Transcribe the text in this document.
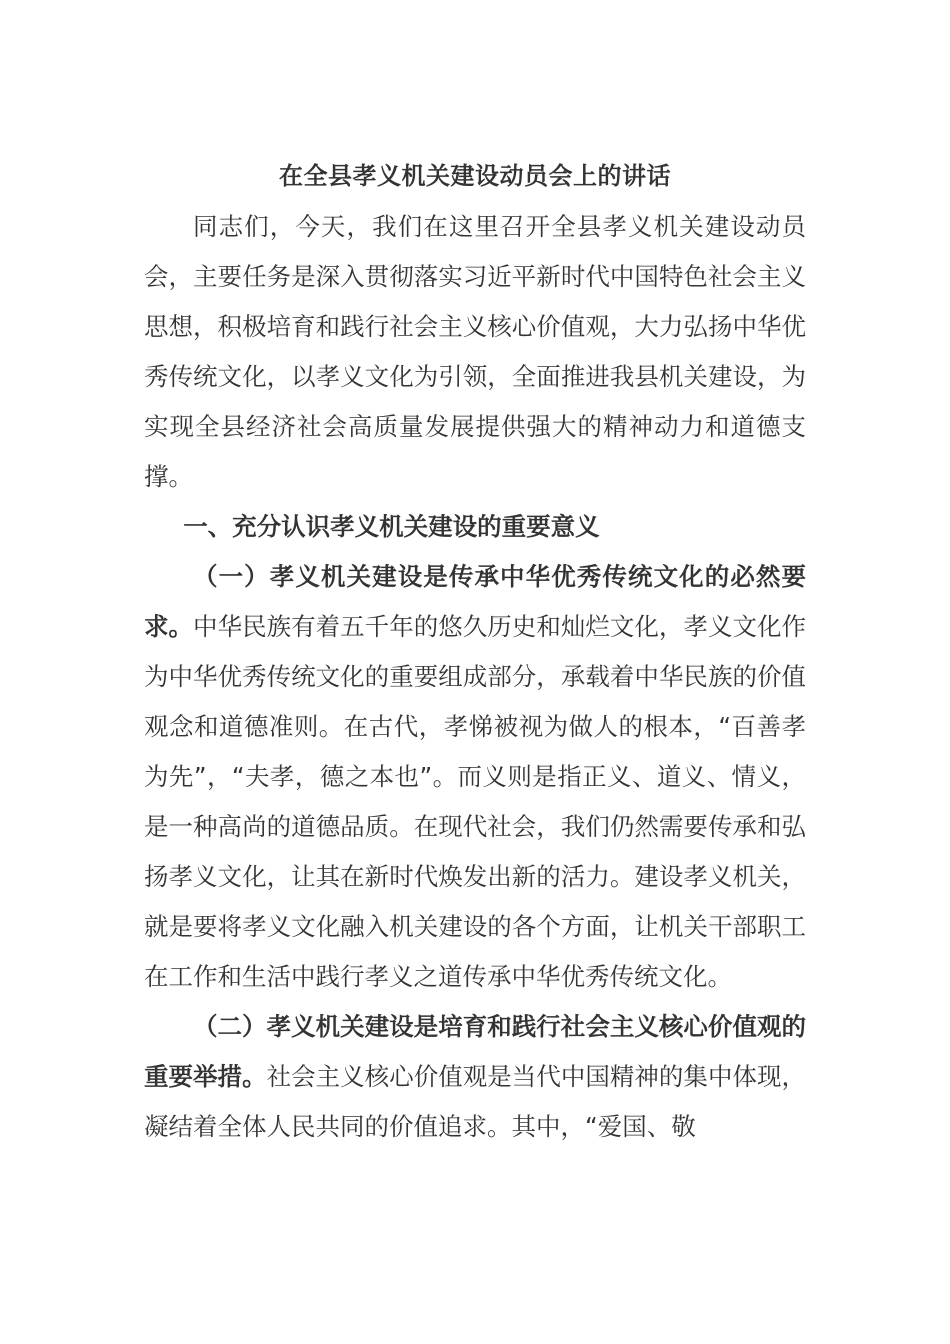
在全县孝义机关建设动员会上的讲话

同志们，今天，我们在这里召开全县孝义机关建设动员会，主要任务是深入贯彻落实习近平新时代中国特色社会主义思想，积极培育和践行社会主义核心价值观，大力弘扬中华优秀传统文化，以孝义文化为引领，全面推进我县机关建设，为实现全县经济社会高质量发展提供强大的精神动力和道德支撑。

一、充分认识孝义机关建设的重要意义

（一）孝义机关建设是传承中华优秀传统文化的必然要求。中华民族有着五千年的悠久历史和灿烂文化，孝义文化作为中华优秀传统文化的重要组成部分，承载着中华民族的价值观念和道德准则。在古代，孝悌被视为做人的根本，“百善孝为先”，“夫孝，德之本也”。而义则是指正义、道义、情义，是一种高尚的道德品质。在现代社会，我们仍然需要传承和弘扬孝义文化，让其在新时代焕发出新的活力。建设孝义机关，就是要将孝义文化融入机关建设的各个方面，让机关干部职工在工作和生活中践行孝义之道传承中华优秀传统文化。

（二）孝义机关建设是培育和践行社会主义核心价值观的重要举措。社会主义核心价值观是当代中国精神的集中体现，凝结着全体人民共同的价值追求。其中，“爱国、敬
